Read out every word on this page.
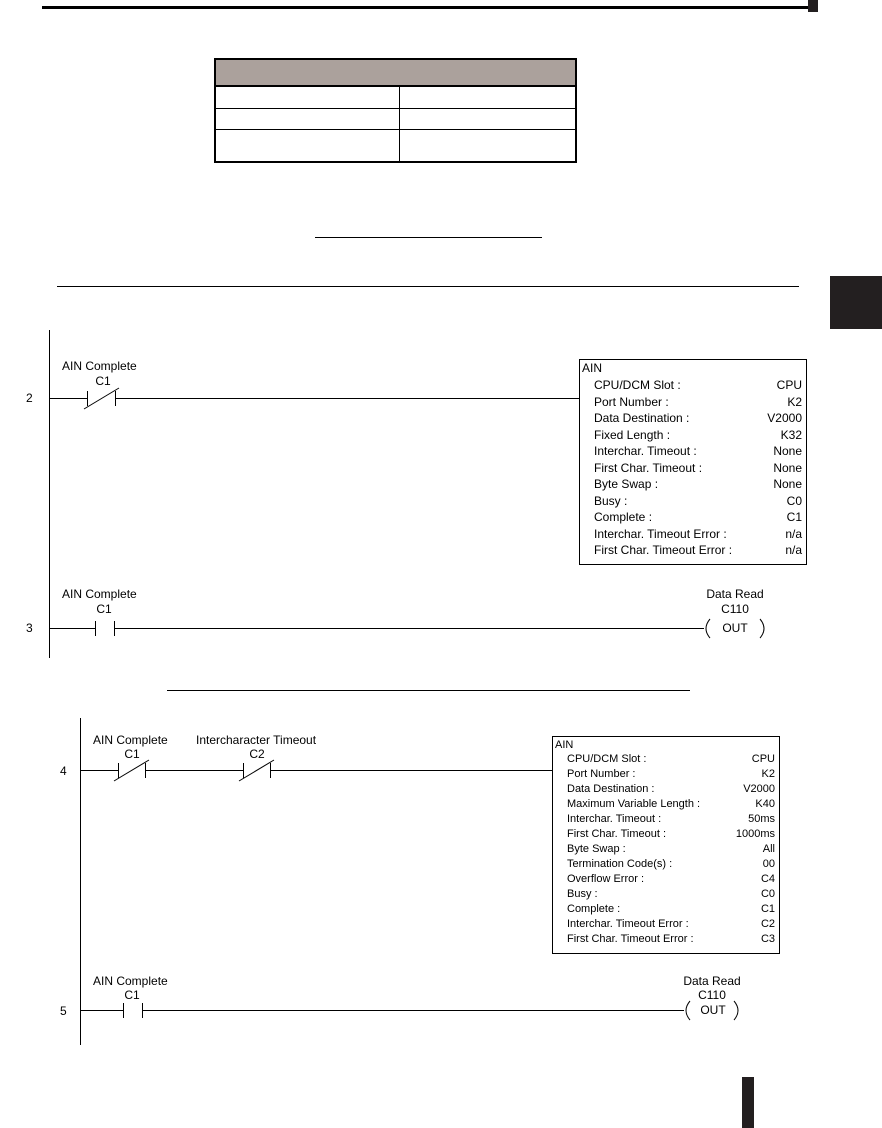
2
AIN Complete
C1
AIN
CPU/DCM Slot :	CPU
Port Number :	K2
Data Destination :	V2000
Fixed Length :	K32
Interchar. Timeout :	None
First Char. Timeout :	None
Byte Swap :	None
Busy :	C0
Complete :	C1
Interchar. Timeout Error :	n/a
First Char. Timeout Error :	n/a
3
AIN Complete
C1
Data Read
C110
OUT
4
AIN Complete
C1
Intercharacter Timeout
C2
AIN
CPU/DCM Slot :	CPU
Port Number :	K2
Data Destination :	V2000
Maximum Variable Length :	K40
Interchar. Timeout :	50ms
First Char. Timeout :	1000ms
Byte Swap :	All
Termination Code(s) :	00
Overflow Error :	C4
Busy :	C0
Complete :	C1
Interchar. Timeout Error :	C2
First Char. Timeout Error :	C3
5
AIN Complete
C1
Data Read
C110
OUT
